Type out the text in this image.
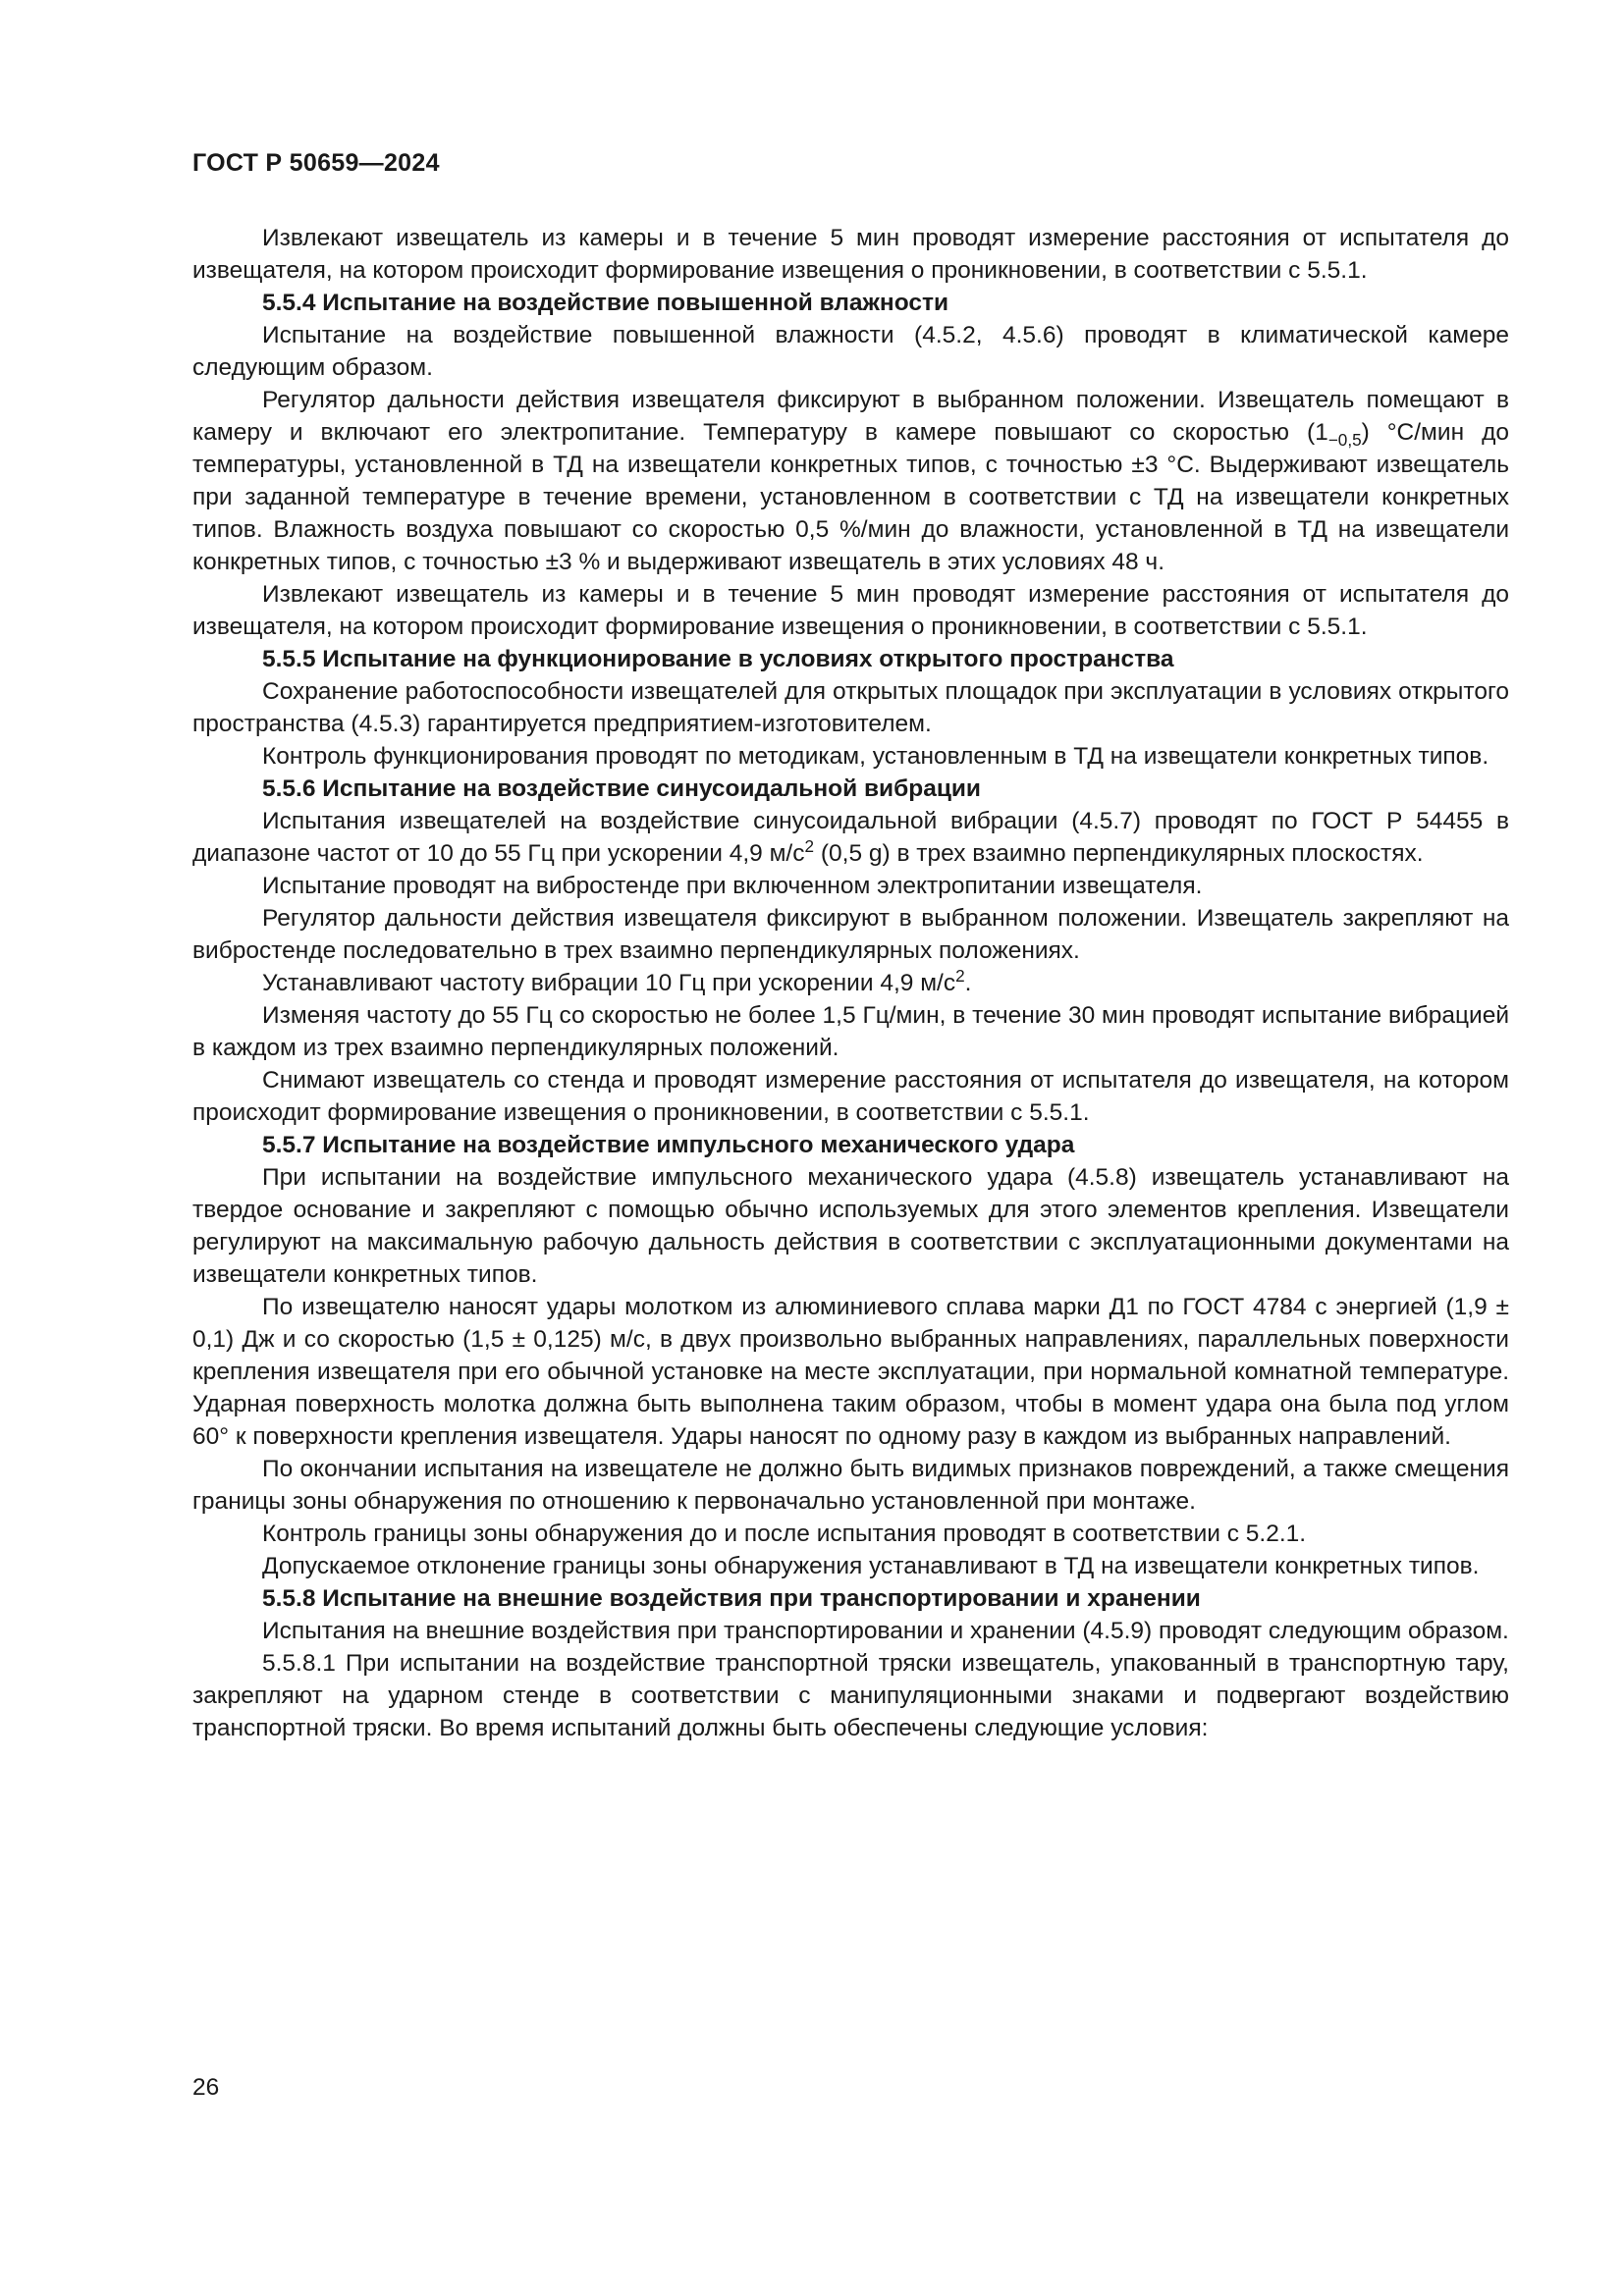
ГОСТ Р 50659—2024

Извлекают извещатель из камеры и в течение 5 мин проводят измерение расстояния от испытателя до извещателя, на котором происходит формирование извещения о проникновении, в соответствии с 5.5.1.

5.5.4 Испытание на воздействие повышенной влажности

Испытание на воздействие повышенной влажности (4.5.2, 4.5.6) проводят в климатической камере следующим образом.

Регулятор дальности действия извещателя фиксируют в выбранном положении. Извещатель помещают в камеру и включают его электропитание. Температуру в камере повышают со скоростью $(1_{-0,5})$ °С/мин до температуры, установленной в ТД на извещатели конкретных типов, с точностью ±3 °С. Выдерживают извещатель при заданной температуре в течение времени, установленном в соответствии с ТД на извещатели конкретных типов. Влажность воздуха повышают со скоростью 0,5 %/мин до влажности, установленной в ТД на извещатели конкретных типов, с точностью ±3 % и выдерживают извещатель в этих условиях 48 ч.

Извлекают извещатель из камеры и в течение 5 мин проводят измерение расстояния от испытателя до извещателя, на котором происходит формирование извещения о проникновении, в соответствии с 5.5.1.

5.5.5 Испытание на функционирование в условиях открытого пространства

Сохранение работоспособности извещателей для открытых площадок при эксплуатации в условиях открытого пространства (4.5.3) гарантируется предприятием-изготовителем.

Контроль функционирования проводят по методикам, установленным в ТД на извещатели конкретных типов.

5.5.6 Испытание на воздействие синусоидальной вибрации

Испытания извещателей на воздействие синусоидальной вибрации (4.5.7) проводят по ГОСТ Р 54455 в диапазоне частот от 10 до 55 Гц при ускорении 4,9 $м/с^2$ (0,5 g) в трех взаимно перпендикулярных плоскостях.

Испытание проводят на вибростенде при включенном электропитании извещателя.

Регулятор дальности действия извещателя фиксируют в выбранном положении. Извещатель закрепляют на вибростенде последовательно в трех взаимно перпендикулярных положениях.

Устанавливают частоту вибрации 10 Гц при ускорении 4,9 $м/с^2$.

Изменяя частоту до 55 Гц со скоростью не более 1,5 Гц/мин, в течение 30 мин проводят испытание вибрацией в каждом из трех взаимно перпендикулярных положений.

Снимают извещатель со стенда и проводят измерение расстояния от испытателя до извещателя, на котором происходит формирование извещения о проникновении, в соответствии с 5.5.1.

5.5.7 Испытание на воздействие импульсного механического удара

При испытании на воздействие импульсного механического удара (4.5.8) извещатель устанавливают на твердое основание и закрепляют с помощью обычно используемых для этого элементов крепления. Извещатели регулируют на максимальную рабочую дальность действия в соответствии с эксплуатационными документами на извещатели конкретных типов.

По извещателю наносят удары молотком из алюминиевого сплава марки Д1 по ГОСТ 4784 с энергией (1,9 ± 0,1) Дж и со скоростью (1,5 ± 0,125) м/с, в двух произвольно выбранных направлениях, параллельных поверхности крепления извещателя при его обычной установке на месте эксплуатации, при нормальной комнатной температуре. Ударная поверхность молотка должна быть выполнена таким образом, чтобы в момент удара она была под углом 60° к поверхности крепления извещателя. Удары наносят по одному разу в каждом из выбранных направлений.

По окончании испытания на извещателе не должно быть видимых признаков повреждений, а также смещения границы зоны обнаружения по отношению к первоначально установленной при монтаже.

Контроль границы зоны обнаружения до и после испытания проводят в соответствии с 5.2.1.

Допускаемое отклонение границы зоны обнаружения устанавливают в ТД на извещатели конкретных типов.

5.5.8 Испытание на внешние воздействия при транспортировании и хранении

Испытания на внешние воздействия при транспортировании и хранении (4.5.9) проводят следующим образом.

5.5.8.1 При испытании на воздействие транспортной тряски извещатель, упакованный в транспортную тару, закрепляют на ударном стенде в соответствии с манипуляционными знаками и подвергают воздействию транспортной тряски. Во время испытаний должны быть обеспечены следующие условия:

26
